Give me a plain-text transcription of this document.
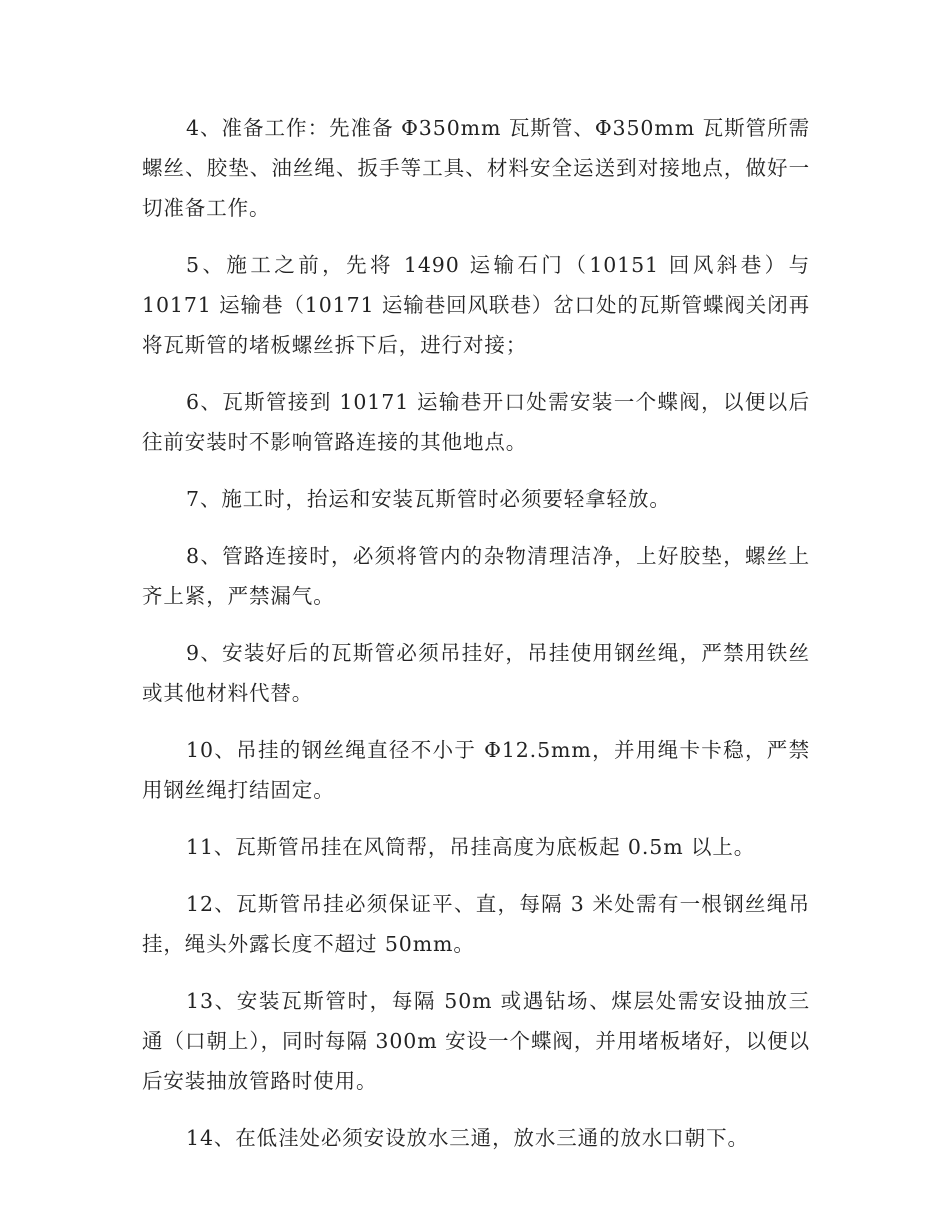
4、准备工作：先准备 Φ350mm 瓦斯管、Φ350mm 瓦斯管所需螺丝、胶垫、油丝绳、扳手等工具、材料安全运送到对接地点，做好一切准备工作。

5、施工之前，先将 1490 运输石门（10151 回风斜巷）与 10171 运输巷（10171 运输巷回风联巷）岔口处的瓦斯管蝶阀关闭再将瓦斯管的堵板螺丝拆下后，进行对接；

6、瓦斯管接到 10171 运输巷开口处需安装一个蝶阀，以便以后往前安装时不影响管路连接的其他地点。

7、施工时，抬运和安装瓦斯管时必须要轻拿轻放。

8、管路连接时，必须将管内的杂物清理洁净，上好胶垫，螺丝上齐上紧，严禁漏气。

9、安装好后的瓦斯管必须吊挂好，吊挂使用钢丝绳，严禁用铁丝或其他材料代替。

10、吊挂的钢丝绳直径不小于 Φ12.5mm，并用绳卡卡稳，严禁用钢丝绳打结固定。

11、瓦斯管吊挂在风筒帮，吊挂高度为底板起 0.5m 以上。

12、瓦斯管吊挂必须保证平、直，每隔 3 米处需有一根钢丝绳吊挂，绳头外露长度不超过 50mm。

13、安装瓦斯管时，每隔 50m 或遇钻场、煤层处需安设抽放三通（口朝上），同时每隔 300m 安设一个蝶阀，并用堵板堵好，以便以后安装抽放管路时使用。

14、在低洼处必须安设放水三通，放水三通的放水口朝下。
